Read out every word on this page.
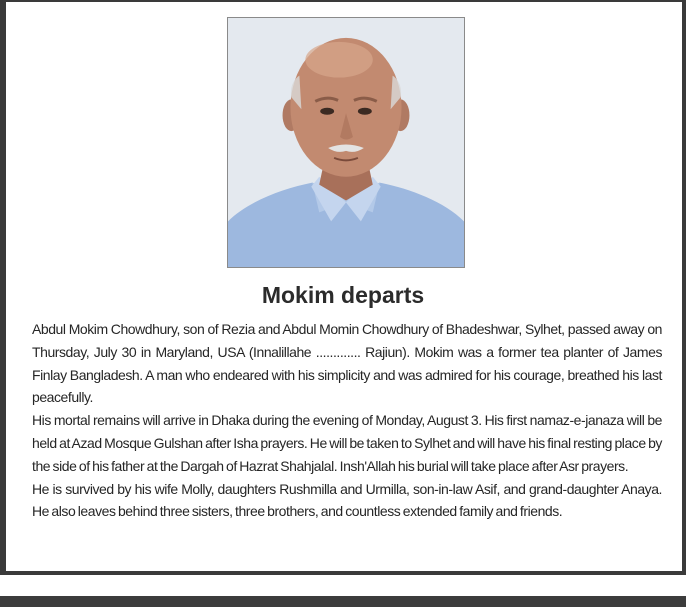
Mokim departs

Abdul Mokim Chowdhury, son of Rezia and Abdul Momin Chowdhury of Bhadeshwar, Sylhet, passed away on Thursday, July 30 in Maryland, USA (Innalillahe ............. Rajiun). Mokim was a former tea planter of James Finlay Bangladesh. A man who endeared with his simplicity and was admired for his courage, breathed his last peacefully.

His mortal remains will arrive in Dhaka during the evening of Monday, August 3. His first namaz-e-janaza will be held at Azad Mosque Gulshan after Isha prayers. He will be taken to Sylhet and will have his final resting place by the side of his father at the Dargah of Hazrat Shahjalal. Insh'Allah his burial will take place after Asr prayers.

He is survived by his wife Molly, daughters Rushmilla and Urmilla, son-in-law Asif, and grand-daughter Anaya. He also leaves behind three sisters, three brothers, and countless extended family and friends.
